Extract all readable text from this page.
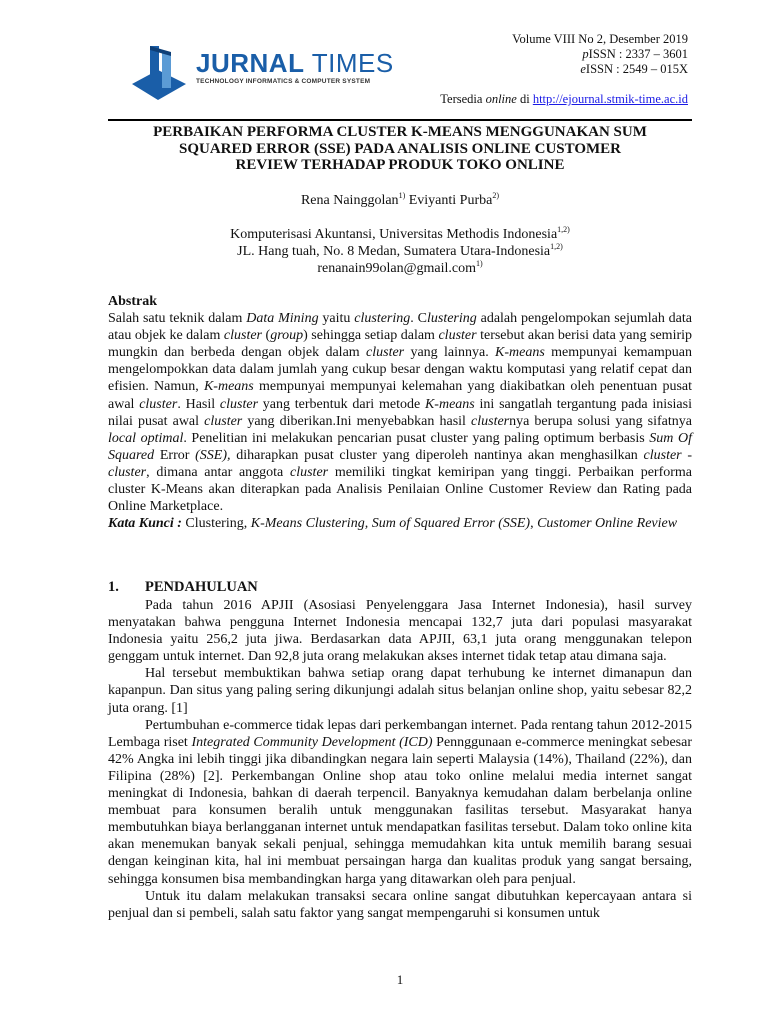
JURNAL TIMES
TECHNOLOGY INFORMATICS & COMPUTER SYSTEM
Volume VIII No 2, Desember 2019
pISSN : 2337 – 3601
eISSN : 2549 – 015X
Tersedia online di http://ejournal.stmik-time.ac.id
PERBAIKAN PERFORMA CLUSTER K-MEANS MENGGUNAKAN SUM
SQUARED ERROR (SSE) PADA ANALISIS ONLINE CUSTOMER
REVIEW TERHADAP PRODUK TOKO ONLINE
Rena Nainggolan$^{1)}$ Eviyanti Purba$^{2)}$
Komputerisasi Akuntansi, Universitas Methodis Indonesia$^{1,2)}$
JL. Hang tuah, No. 8 Medan, Sumatera Utara-Indonesia$^{1,2)}$
renanain99olan@gmail.com$^{1)}$

Abstrak

Salah satu teknik dalam Data Mining yaitu clustering. Clustering adalah pengelompokan sejumlah data atau objek ke dalam cluster (group) sehingga setiap dalam cluster tersebut akan berisi data yang semirip mungkin dan berbeda dengan objek dalam cluster yang lainnya. K-means mempunyai kemampuan mengelompokkan data dalam jumlah yang cukup besar dengan waktu komputasi yang relatif cepat dan efisien. Namun, K-means mempunyai mempunyai kelemahan yang diakibatkan oleh penentuan pusat awal cluster. Hasil cluster yang terbentuk dari metode K-means ini sangatlah tergantung pada inisiasi nilai pusat awal cluster yang diberikan.Ini menyebabkan hasil clusternya berupa solusi yang sifatnya local optimal. Penelitian ini melakukan pencarian pusat cluster yang paling optimum berbasis Sum Of Squared Error (SSE), diharapkan pusat cluster yang diperoleh nantinya akan menghasilkan cluster - cluster, dimana antar anggota cluster memiliki tingkat kemiripan yang tinggi. Perbaikan performa cluster K-Means akan diterapkan pada Analisis Penilaian Online Customer Review dan Rating pada Online Marketplace.

Kata Kunci : Clustering, K-Means Clustering, Sum of Squared Error (SSE), Customer Online Review

1. PENDAHULUAN

Pada tahun 2016 APJII (Asosiasi Penyelenggara Jasa Internet Indonesia), hasil survey menyatakan bahwa pengguna Internet Indonesia mencapai 132,7 juta dari populasi masyarakat Indonesia yaitu 256,2 juta jiwa. Berdasarkan data APJII, 63,1 juta orang menggunakan telepon genggam untuk internet. Dan 92,8 juta orang melakukan akses internet tidak tetap atau dimana saja.

Hal tersebut membuktikan bahwa setiap orang dapat terhubung ke internet dimanapun dan kapanpun. Dan situs yang paling sering dikunjungi adalah situs belanjan online shop, yaitu sebesar 82,2 juta orang. [1]

Pertumbuhan e-commerce tidak lepas dari perkembangan internet. Pada rentang tahun 2012-2015 Lembaga riset Integrated Community Development (ICD) Pennggunaan e-commerce meningkat sebesar 42% Angka ini lebih tinggi jika dibandingkan negara lain seperti Malaysia (14%), Thailand (22%), dan Filipina (28%) [2]. Perkembangan Online shop atau toko online melalui media internet sangat meningkat di Indonesia, bahkan di daerah terpencil. Banyaknya kemudahan dalam berbelanja online membuat para konsumen beralih untuk menggunakan fasilitas tersebut. Masyarakat hanya membutuhkan biaya berlangganan internet untuk mendapatkan fasilitas tersebut. Dalam toko online kita akan menemukan banyak sekali penjual, sehingga memudahkan kita untuk memilih barang sesuai dengan keinginan kita, hal ini membuat persaingan harga dan kualitas produk yang sangat bersaing, sehingga konsumen bisa membandingkan harga yang ditawarkan oleh para penjual.

Untuk itu dalam melakukan transaksi secara online sangat dibutuhkan kepercayaan antara si penjual dan si pembeli, salah satu faktor yang sangat mempengaruhi si konsumen untuk

1
